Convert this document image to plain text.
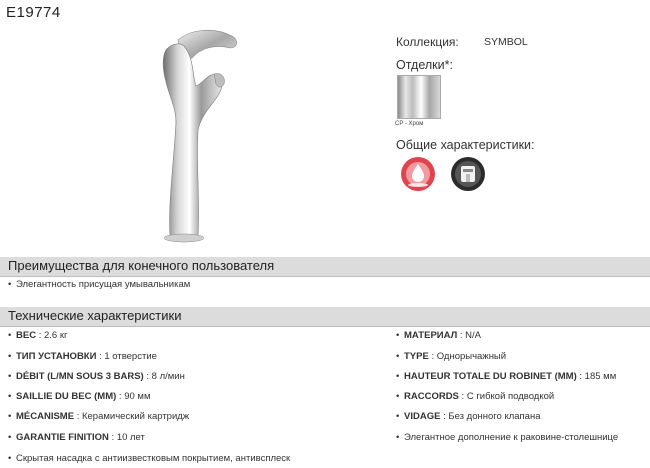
E19774
Коллекция: SYMBOL
Отделки*:
CP - Хром
Общие характеристики:
Преимущества для конечного пользователя
• Элегантность присущая умывальникам
Технические характеристики
• ВЕС : 2.6 кг
• ТИП УСТАНОВКИ : 1 отверстие
• DÉBIT (L/MN SOUS 3 BARS) : 8 л/мин
• SAILLIE DU BEC (MM) : 90 мм
• MÉCANISME : Керамический картридж
• GARANTIE FINITION : 10 лет
• Скрытая насадка с антиизвестковым покрытием, антивсплеск
• МАТЕРИАЛ : N/A
• TYPE : Однорычажный
• HAUTEUR TOTALE DU ROBINET (MM) : 185 мм
• RACCORDS : С гибкой подводкой
• VIDAGE : Без донного клапана
• Элегантное дополнение к раковине-столешнице
